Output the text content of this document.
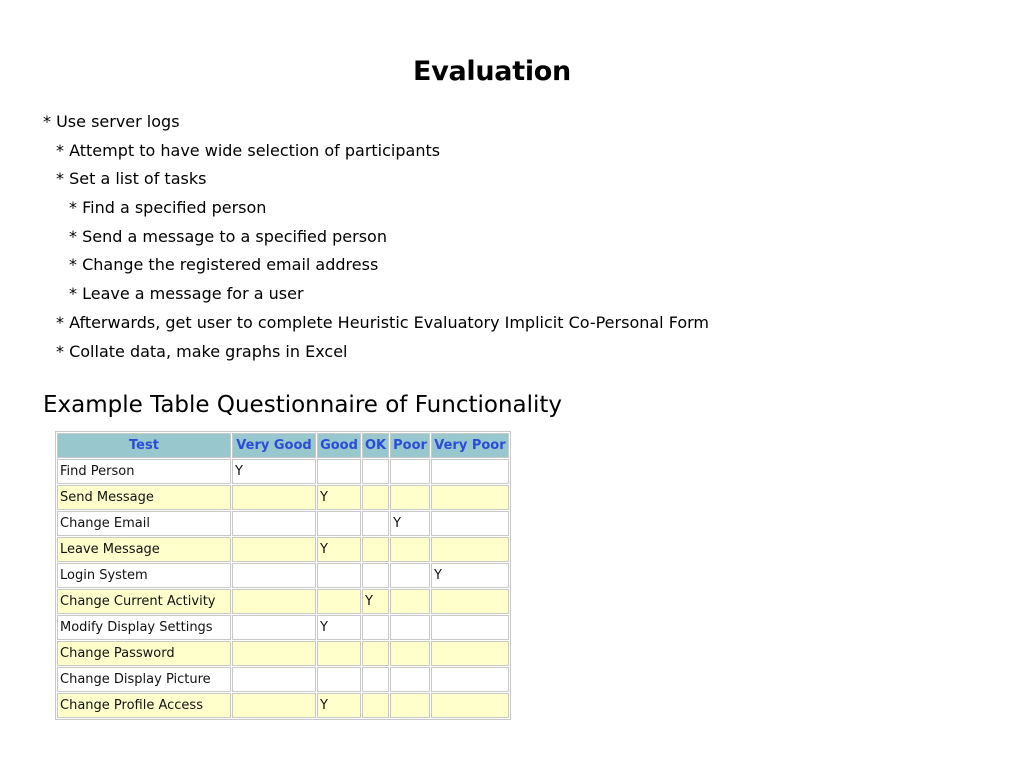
Evaluation
* Use server logs
* Attempt to have wide selection of participants
* Set a list of tasks
* Find a specified person
* Send a message to a specified person
* Change the registered email address
* Leave a message for a user
* Afterwards, get user to complete Heuristic Evaluatory Implicit Co-Personal Form
* Collate data, make graphs in Excel
Example Table Questionnaire of Functionality
Test	Very Good	Good	OK	Poor	Very Poor
Find Person	Y				
Send Message		Y			
Change Email				Y	
Leave Message		Y			
Login System					Y
Change Current Activity			Y		
Modify Display Settings		Y			
Change Password					
Change Display Picture					
Change Profile Access		Y			
